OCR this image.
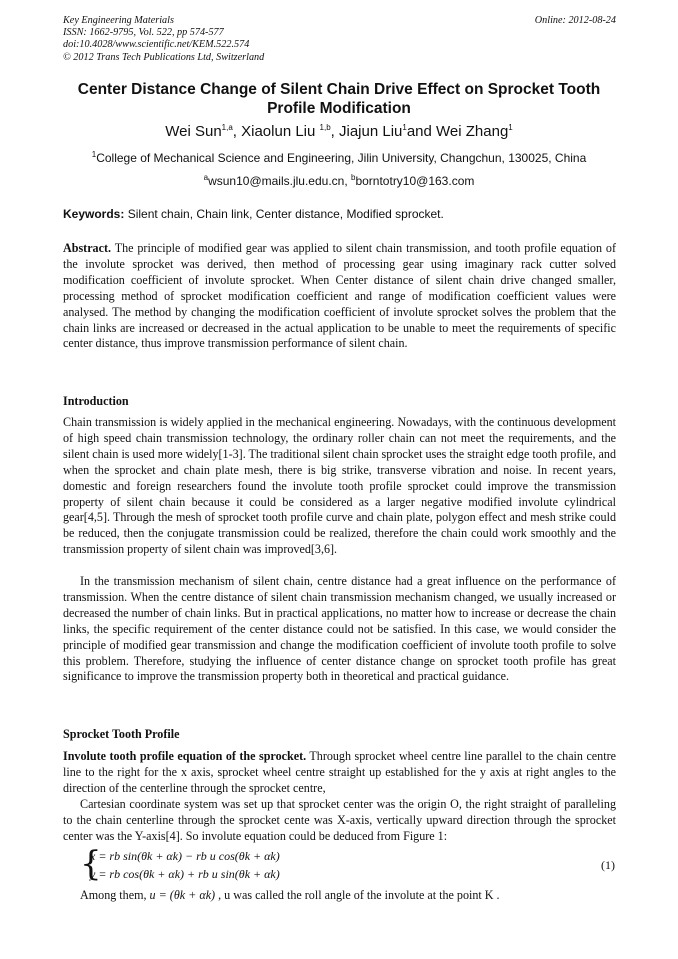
Key Engineering Materials
ISSN: 1662-9795, Vol. 522, pp 574-577
doi:10.4028/www.scientific.net/KEM.522.574
© 2012 Trans Tech Publications Ltd, Switzerland
Online: 2012-08-24
Center Distance Change of Silent Chain Drive Effect on Sprocket Tooth Profile Modification
Wei Sun$^{1,a}$, Xiaolun Liu $^{1,b}$, Jiajun Liu$^1$and Wei Zhang$^1$
$^1$College of Mechanical Science and Engineering, Jilin University, Changchun, 130025, China
$^a$wsun10@mails.jlu.edu.cn, $^b$borntotry10@163.com
Keywords: Silent chain, Chain link, Center distance, Modified sprocket.
Abstract. The principle of modified gear was applied to silent chain transmission, and tooth profile equation of the involute sprocket was derived, then method of processing gear using imaginary rack cutter solved modification coefficient of involute sprocket. When Center distance of silent chain drive changed smaller, processing method of sprocket modification coefficient and range of modification coefficient values were analysed. The method by changing the modification coefficient of involute sprocket solves the problem that the chain links are increased or decreased in the actual application to be unable to meet the requirements of specific center distance, thus improve transmission performance of silent chain.
Introduction
Chain transmission is widely applied in the mechanical engineering. Nowadays, with the continuous development of high speed chain transmission technology, the ordinary roller chain can not meet the requirements, and the silent chain is used more widely[1-3]. The traditional silent chain sprocket uses the straight edge tooth profile, and when the sprocket and chain plate mesh, there is big strike, transverse vibration and noise. In recent years, domestic and foreign researchers found the involute tooth profile sprocket could improve the transmission property of silent chain because it could be considered as a larger negative modified involute cylindrical gear[4,5]. Through the mesh of sprocket tooth profile curve and chain plate, polygon effect and mesh strike could be reduced, then the conjugate transmission could be realized, therefore the chain could work smoothly and the transmission property of silent chain was improved[3,6].
In the transmission mechanism of silent chain, centre distance had a great influence on the performance of transmission. When the centre distance of silent chain transmission mechanism changed, we usually increased or decreased the number of chain links. But in practical applications, no matter how to increase or decrease the chain links, the specific requirement of the center distance could not be satisfied. In this case, we would consider the principle of modified gear transmission and change the modification coefficient of involute tooth profile to solve this problem. Therefore, studying the influence of center distance change on sprocket tooth profile has great significance to improve the transmission property both in theoretical and practical guidance.
Sprocket Tooth Profile
Involute tooth profile equation of the sprocket. Through sprocket wheel centre line parallel to the chain centre line to the right for the x axis, sprocket wheel centre straight up established for the y axis at right angles to the direction of the centerline through the sprocket centre,
Cartesian coordinate system was set up that sprocket center was the origin O, the right straight of paralleling to the chain centerline through the sprocket cente was X-axis, vertically upward direction through the sprocket center was the Y-axis[4]. So involute equation could be deduced from Figure 1:
{
x = rb sin(θk + αk) − rb u cos(θk + αk)
y = rb cos(θk + αk) + rb u sin(θk + αk)
(1)
Among them, u = (θk + αk) , u was called the roll angle of the involute at the point K .
